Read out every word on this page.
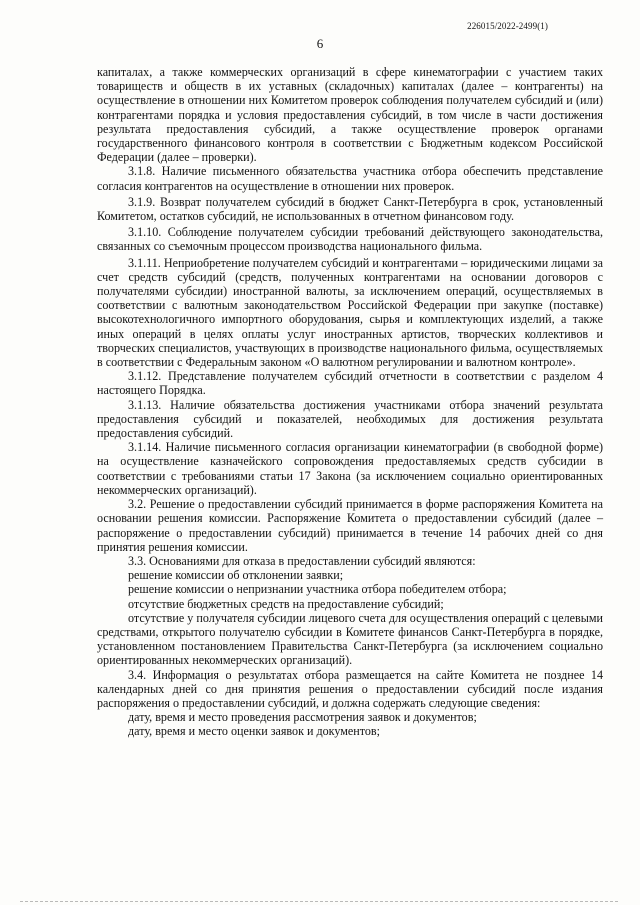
226015/2022-2499(1)
6

капиталах, а также коммерческих организаций в сфере кинематографии с участием таких товариществ и обществ в их уставных (складочных) капиталах (далее – контрагенты) на осуществление в отношении них Комитетом проверок соблюдения получателем субсидий и (или) контрагентами порядка и условия предоставления субсидий, в том числе в части достижения результата предоставления субсидий, а также осуществление проверок органами государственного финансового контроля в соответствии с Бюджетным кодексом Российской Федерации (далее – проверки).

3.1.8. Наличие письменного обязательства участника отбора обеспечить представление согласия контрагентов на осуществление в отношении них проверок.

3.1.9. Возврат получателем субсидий в бюджет Санкт-Петербурга в срок, установленный Комитетом, остатков субсидий, не использованных в отчетном финансовом году.

3.1.10. Соблюдение получателем субсидии требований действующего законодательства, связанных со съемочным процессом производства национального фильма.

3.1.11. Неприобретение получателем субсидий и контрагентами – юридическими лицами за счет средств субсидий (средств, полученных контрагентами на основании договоров с получателями субсидии) иностранной валюты, за исключением операций, осуществляемых в соответствии с валютным законодательством Российской Федерации при закупке (поставке) высокотехнологичного импортного оборудования, сырья и комплектующих изделий, а также иных операций в целях оплаты услуг иностранных артистов, творческих коллективов и творческих специалистов, участвующих в производстве национального фильма, осуществляемых в соответствии с Федеральным законом «О валютном регулировании и валютном контроле».

3.1.12. Представление получателем субсидий отчетности в соответствии с разделом 4 настоящего Порядка.

3.1.13. Наличие обязательства достижения участниками отбора значений результата предоставления субсидий и показателей, необходимых для достижения результата предоставления субсидий.

3.1.14. Наличие письменного согласия организации кинематографии (в свободной форме) на осуществление казначейского сопровождения предоставляемых средств субсидии в соответствии с требованиями статьи 17 Закона (за исключением социально ориентированных некоммерческих организаций).

3.2. Решение о предоставлении субсидий принимается в форме распоряжения Комитета на основании решения комиссии. Распоряжение Комитета о предоставлении субсидий (далее – распоряжение о предоставлении субсидий) принимается в течение 14 рабочих дней со дня принятия решения комиссии.

3.3. Основаниями для отказа в предоставлении субсидий являются:

решение комиссии об отклонении заявки;

решение комиссии о непризнании участника отбора победителем отбора;

отсутствие бюджетных средств на предоставление субсидий;

отсутствие у получателя субсидии лицевого счета для осуществления операций с целевыми средствами, открытого получателю субсидии в Комитете финансов Санкт-Петербурга в порядке, установленном постановлением Правительства Санкт-Петербурга (за исключением социально ориентированных некоммерческих организаций).

3.4. Информация о результатах отбора размещается на сайте Комитета не позднее 14 календарных дней со дня принятия решения о предоставлении субсидий после издания распоряжения о предоставлении субсидий, и должна содержать следующие сведения:

дату, время и место проведения рассмотрения заявок и документов;

дату, время и место оценки заявок и документов;
